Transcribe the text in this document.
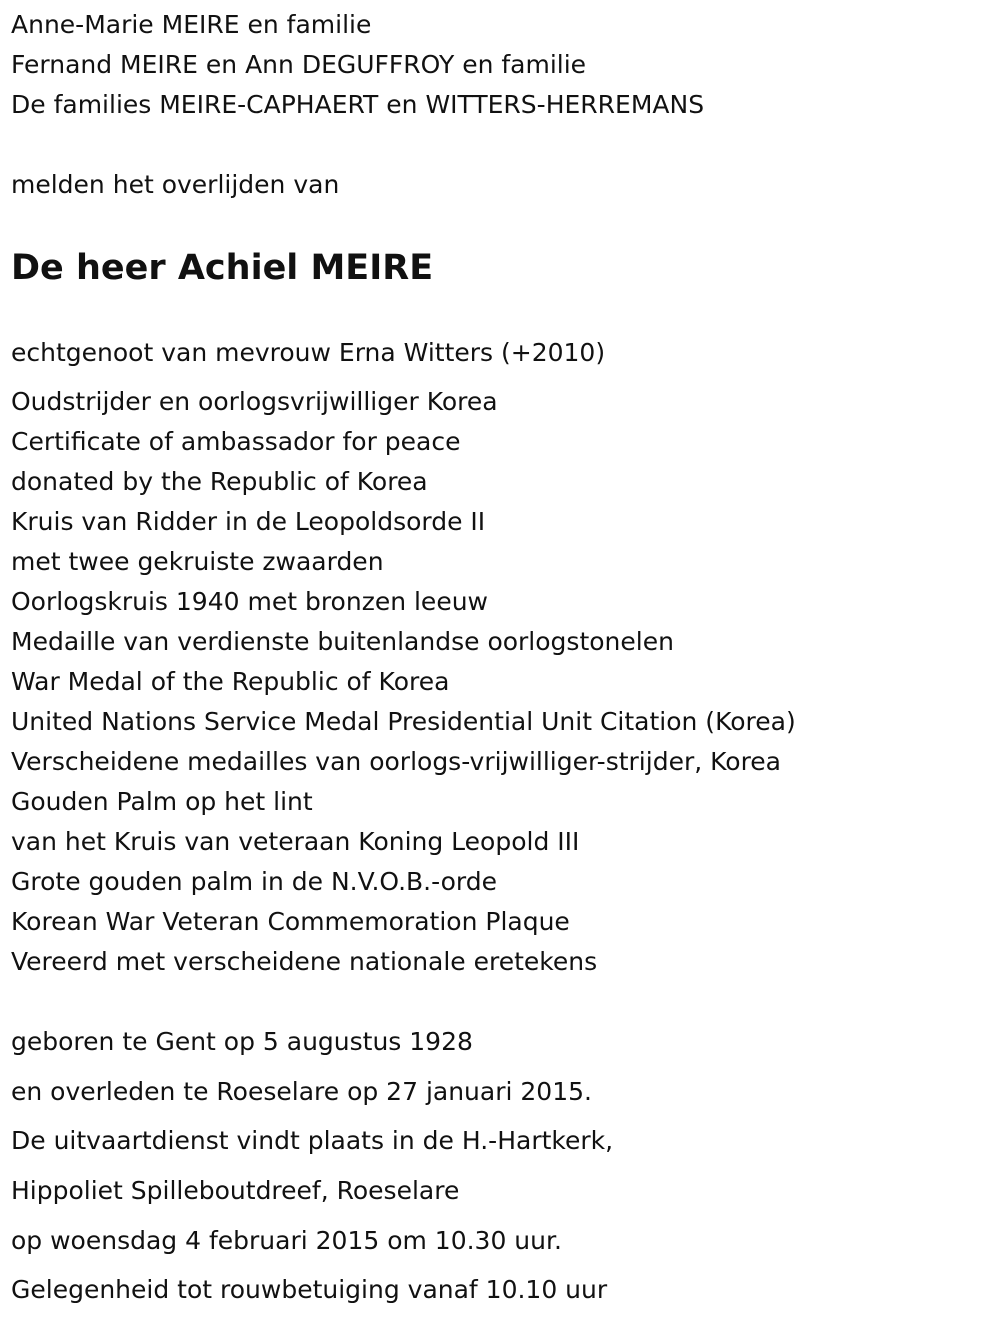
Anne-Marie MEIRE en familie

Fernand MEIRE en Ann DEGUFFROY en familie

De families MEIRE-CAPHAERT en WITTERS-HERREMANS

melden het overlijden van

De heer Achiel MEIRE

echtgenoot van mevrouw Erna Witters (+2010)

Oudstrijder en oorlogsvrijwilliger Korea

Certificate of ambassador for peace

donated by the Republic of Korea

Kruis van Ridder in de Leopoldsorde II

met twee gekruiste zwaarden

Oorlogskruis 1940 met bronzen leeuw

Medaille van verdienste buitenlandse oorlogstonelen

War Medal of the Republic of Korea

United Nations Service Medal Presidential Unit Citation (Korea)

Verscheidene medailles van oorlogs-vrijwilliger-strijder, Korea

Gouden Palm op het lint

van het Kruis van veteraan Koning Leopold III

Grote gouden palm in de N.V.O.B.-orde

Korean War Veteran Commemoration Plaque

Vereerd met verscheidene nationale eretekens

geboren te Gent op 5 augustus 1928

en overleden te Roeselare op 27 januari 2015.

De uitvaartdienst vindt plaats in de H.-Hartkerk,

Hippoliet Spilleboutdreef, Roeselare

op woensdag 4 februari 2015 om 10.30 uur.

Gelegenheid tot rouwbetuiging vanaf 10.10 uur
